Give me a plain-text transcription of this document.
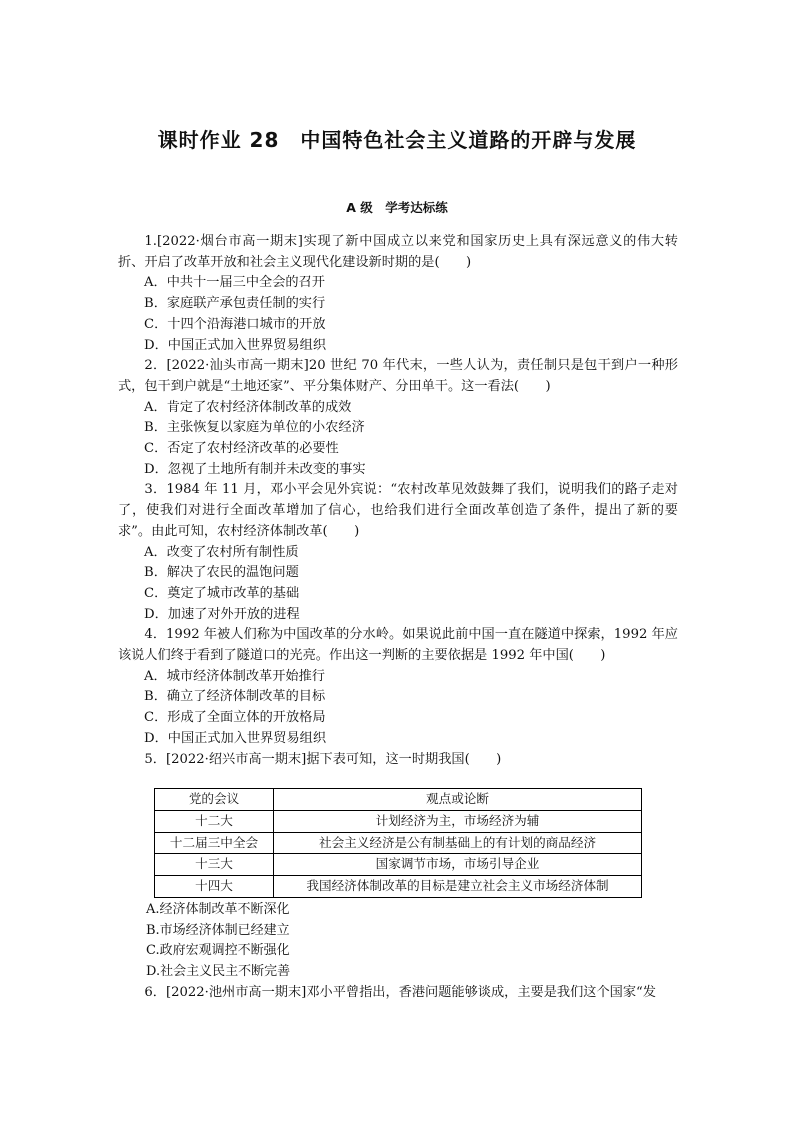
课时作业 28　中国特色社会主义道路的开辟与发展
A 级　学考达标练

1.[2022·烟台市高一期末]实现了新中国成立以来党和国家历史上具有深远意义的伟大转折、开启了改革开放和社会主义现代化建设新时期的是(　　)

A．中共十一届三中全会的召开

B．家庭联产承包责任制的实行

C．十四个沿海港口城市的开放

D．中国正式加入世界贸易组织

2．[2022·汕头市高一期末]20 世纪 70 年代末，一些人认为，责任制只是包干到户一种形式，包干到户就是“土地还家”、平分集体财产、分田单干。这一看法(　　)

A．肯定了农村经济体制改革的成效

B．主张恢复以家庭为单位的小农经济

C．否定了农村经济改革的必要性

D．忽视了土地所有制并未改变的事实

3．1984 年 11 月，邓小平会见外宾说：“农村改革见效鼓舞了我们，说明我们的路子走对了，使我们对进行全面改革增加了信心，也给我们进行全面改革创造了条件，提出了新的要求”。由此可知，农村经济体制改革(　　)

A．改变了农村所有制性质

B．解决了农民的温饱问题

C．奠定了城市改革的基础

D．加速了对外开放的进程

4．1992 年被人们称为中国改革的分水岭。如果说此前中国一直在隧道中探索，1992 年应该说人们终于看到了隧道口的光亮。作出这一判断的主要依据是 1992 年中国(　　)

A．城市经济体制改革开始推行

B．确立了经济体制改革的目标

C．形成了全面立体的开放格局

D．中国正式加入世界贸易组织

5．[2022·绍兴市高一期末]据下表可知，这一时期我国(　　)

党的会议	观点或论断
十二大	计划经济为主，市场经济为辅
十二届三中全会	社会主义经济是公有制基础上的有计划的商品经济
十三大	国家调节市场，市场引导企业
十四大	我国经济体制改革的目标是建立社会主义市场经济体制

A.经济体制改革不断深化

B.市场经济体制已经建立

C.政府宏观调控不断强化

D.社会主义民主不断完善

6．[2022·池州市高一期末]邓小平曾指出，香港问题能够谈成，主要是我们这个国家“发
